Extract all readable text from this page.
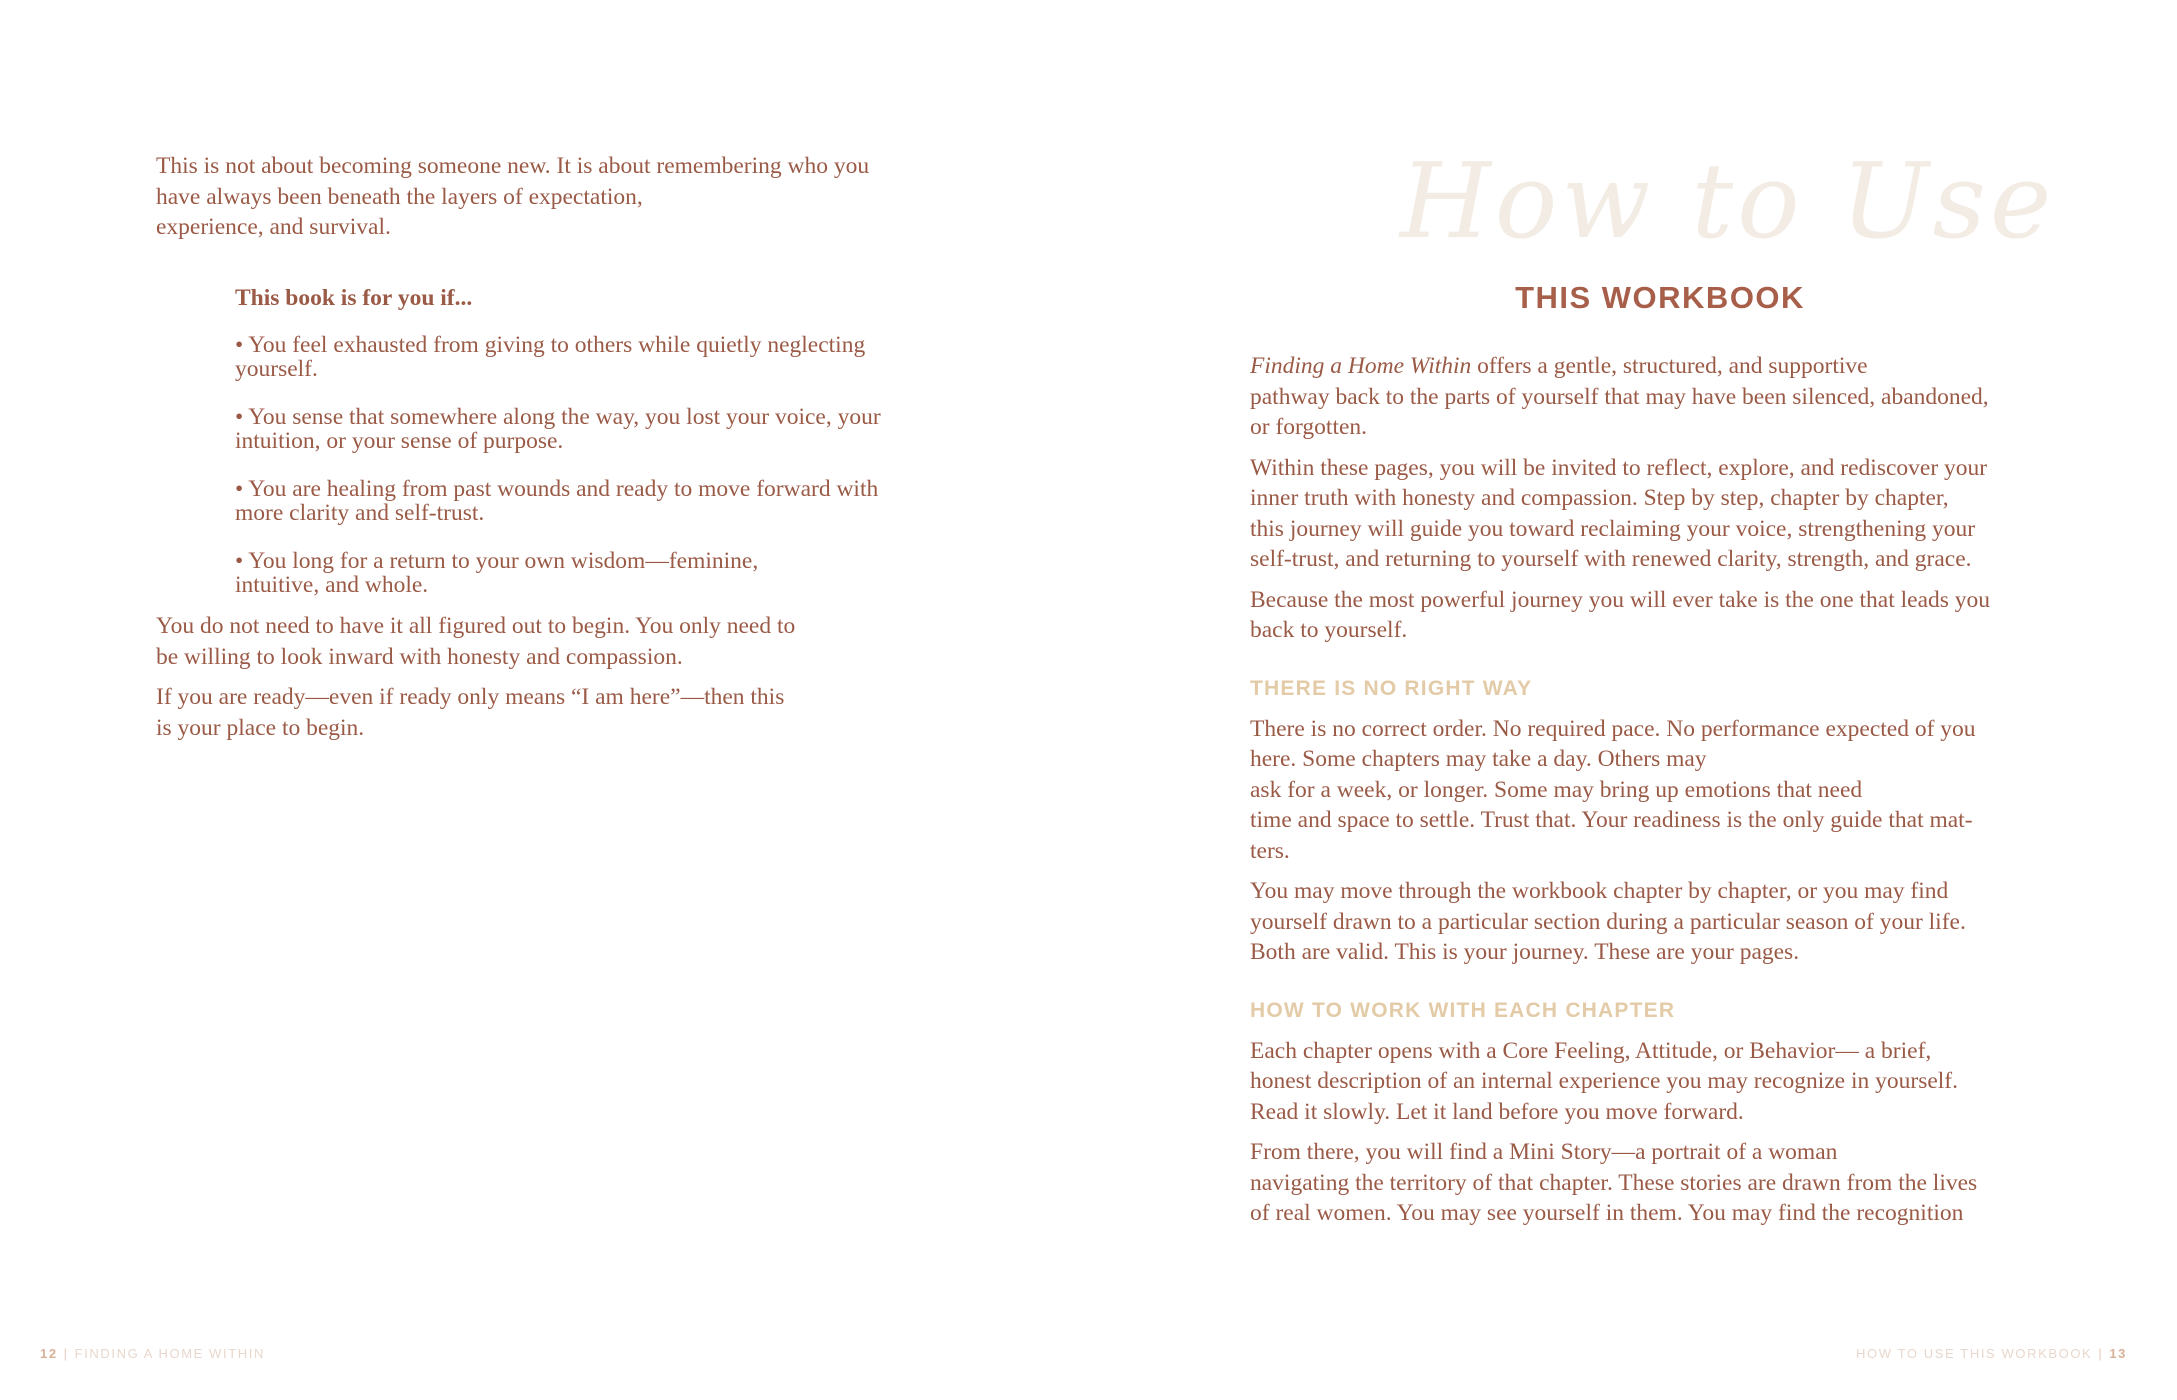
This is not about becoming someone new. It is about remembering who you
have always been beneath the layers of expectation,
experience, and survival.

This book is for you if...

• You feel exhausted from giving to others while quietly neglecting
yourself.

• You sense that somewhere along the way, you lost your voice, your
intuition, or your sense of purpose.

• You are healing from past wounds and ready to move forward with
more clarity and self-trust.

• You long for a return to your own wisdom—feminine,
intuitive, and whole.

You do not need to have it all figured out to begin. You only need to
be willing to look inward with honesty and compassion.

If you are ready—even if ready only means “I am here”—then this
is your place to begin.

12 | FINDING A HOME WITHIN
How to Use
THIS WORKBOOK

Finding a Home Within offers a gentle, structured, and supportive
pathway back to the parts of yourself that may have been silenced, abandoned,
or forgotten.

Within these pages, you will be invited to reflect, explore, and rediscover your
inner truth with honesty and compassion. Step by step, chapter by chapter,
this journey will guide you toward reclaiming your voice, strengthening your
self-trust, and returning to yourself with renewed clarity, strength, and grace.

Because the most powerful journey you will ever take is the one that leads you
back to yourself.

THERE IS NO RIGHT WAY

There is no correct order. No required pace. No performance expected of you
here. Some chapters may take a day. Others may
ask for a week, or longer. Some may bring up emotions that need
time and space to settle. Trust that. Your readiness is the only guide that mat-
ters.

You may move through the workbook chapter by chapter, or you may find
yourself drawn to a particular section during a particular season of your life.
Both are valid. This is your journey. These are your pages.

HOW TO WORK WITH EACH CHAPTER

Each chapter opens with a Core Feeling, Attitude, or Behavior— a brief,
honest description of an internal experience you may recognize in yourself.
Read it slowly. Let it land before you move forward.

From there, you will find a Mini Story—a portrait of a woman
navigating the territory of that chapter. These stories are drawn from the lives
of real women. You may see yourself in them. You may find the recognition

HOW TO USE THIS WORKBOOK | 13
